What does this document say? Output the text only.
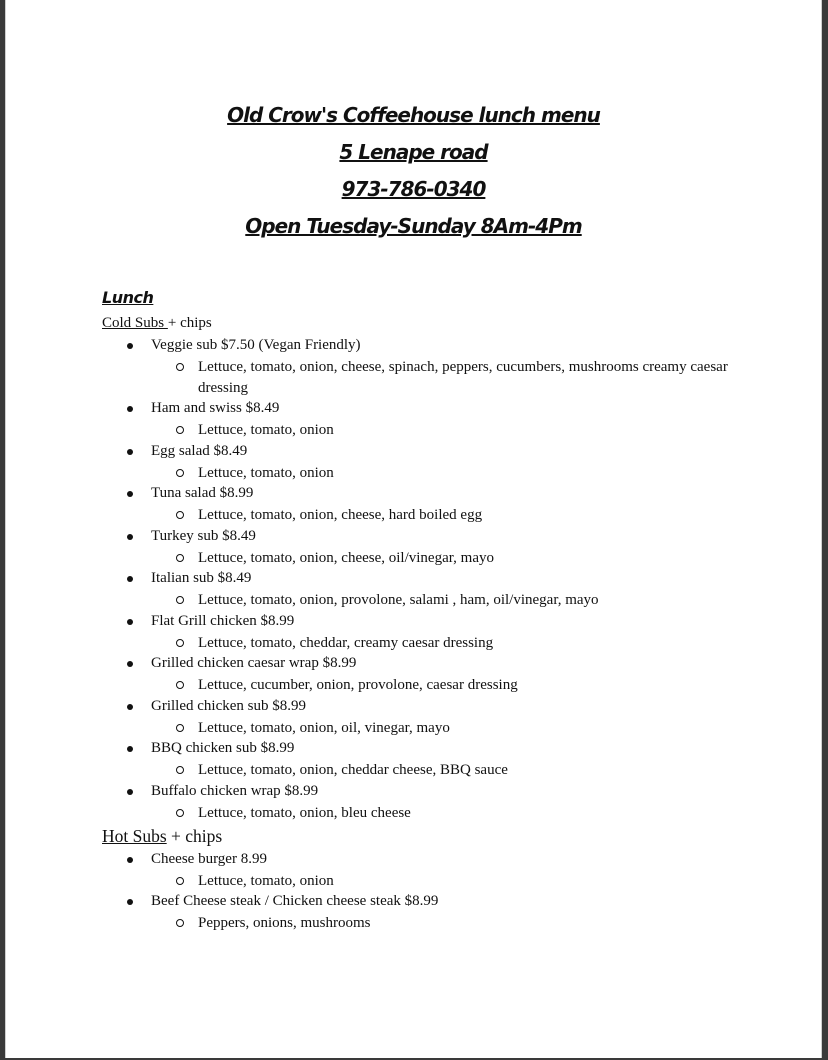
Old Crow's Coffeehouse lunch menu
5 Lenape road
973-786-0340
Open Tuesday-Sunday 8Am-4Pm
Lunch
Cold Subs + chips
Veggie sub $7.50 (Vegan Friendly)
Lettuce, tomato, onion, cheese, spinach, peppers, cucumbers, mushrooms creamy caesar dressing
Ham and swiss $8.49
Lettuce, tomato, onion
Egg salad $8.49
Lettuce, tomato, onion
Tuna salad $8.99
Lettuce, tomato, onion, cheese, hard boiled egg
Turkey sub $8.49
Lettuce, tomato, onion, cheese, oil/vinegar, mayo
Italian sub $8.49
Lettuce, tomato, onion, provolone, salami , ham, oil/vinegar, mayo
Flat Grill chicken $8.99
Lettuce, tomato, cheddar, creamy caesar dressing
Grilled chicken caesar wrap $8.99
Lettuce, cucumber, onion, provolone, caesar dressing
Grilled chicken sub $8.99
Lettuce, tomato, onion, oil, vinegar, mayo
BBQ chicken sub $8.99
Lettuce, tomato, onion, cheddar cheese, BBQ sauce
Buffalo chicken wrap $8.99
Lettuce, tomato, onion, bleu cheese
Hot Subs + chips
Cheese burger 8.99
Lettuce, tomato, onion
Beef Cheese steak / Chicken cheese steak $8.99
Peppers, onions, mushrooms
